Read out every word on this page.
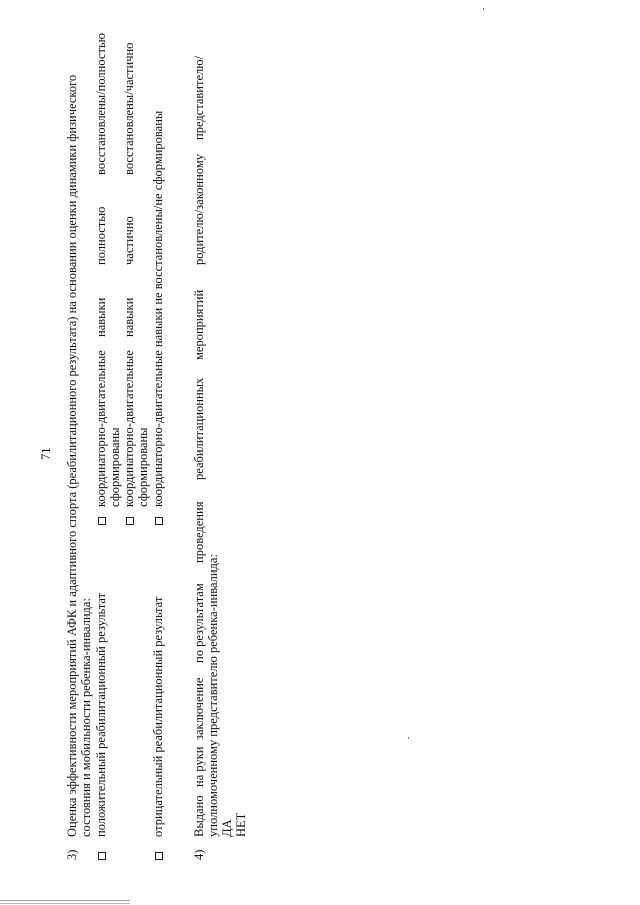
71
3)
Оценка эффективности мероприятий АФК и адаптивного спорта (реабилитационного результата) на основании оценки динамики физического состояния и мобильности ребенка-инвалида: положительный реабилитационный результат
координаторно-двигательные
навыки
полностью
восстановлены/полностью
сформированы координаторно-двигательные
навыки
частично
восстановлены/частично
сформированы
отрицательный реабилитационный результат
координаторно-двигательные навыки не восстановлены/не сформированы
4)
Выдано
на руки
заключение
по результатам
проведения
реабилитационных
мероприятий
родителю/законному
представителю/
уполномоченному представителю ребенка-инвалида: ДА НЕТ
